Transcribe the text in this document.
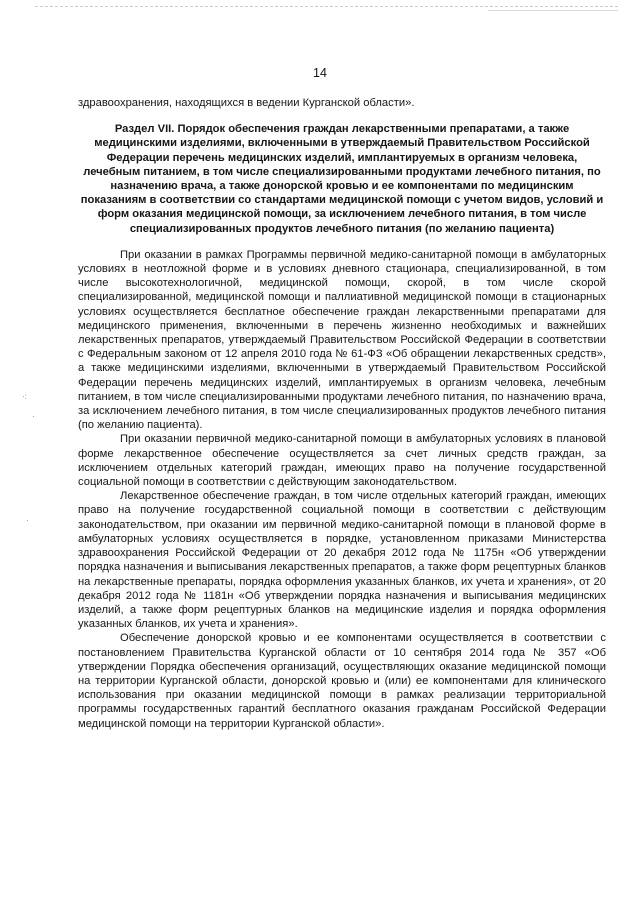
14

здравоохранения, находящихся в ведении Курганской области».

Раздел VII. Порядок обеспечения граждан лекарственными препаратами, а также медицинскими изделиями, включенными в утверждаемый Правительством Российской Федерации перечень медицинских изделий, имплантируемых в организм человека, лечебным питанием, в том числе специализированными продуктами лечебного питания, по назначению врача, а также донорской кровью и ее компонентами по медицинским показаниям в соответствии со стандартами медицинской помощи с учетом видов, условий и форм оказания медицинской помощи, за исключением лечебного питания, в том числе специализированных продуктов лечебного питания (по желанию пациента)

При оказании в рамках Программы первичной медико-санитарной помощи в амбулаторных условиях в неотложной форме и в условиях дневного стационара, специализированной, в том числе высокотехнологичной, медицинской помощи, скорой, в том числе скорой специализированной, медицинской помощи и паллиативной медицинской помощи в стационарных условиях осуществляется бесплатное обеспечение граждан лекарственными препаратами для медицинского применения, включенными в перечень жизненно необходимых и важнейших лекарственных препаратов, утверждаемый Правительством Российской Федерации в соответствии с Федеральным законом от 12 апреля 2010 года № 61-ФЗ «Об обращении лекарственных средств», а также медицинскими изделиями, включенными в утверждаемый Правительством Российской Федерации перечень медицинских изделий, имплантируемых в организм человека, лечебным питанием, в том числе специализированными продуктами лечебного питания, по назначению врача, за исключением лечебного питания, в том числе специализированных продуктов лечебного питания (по желанию пациента).

При оказании первичной медико-санитарной помощи в амбулаторных условиях в плановой форме лекарственное обеспечение осуществляется за счет личных средств граждан, за исключением отдельных категорий граждан, имеющих право на получение государственной социальной помощи в соответствии с действующим законодательством.

Лекарственное обеспечение граждан, в том числе отдельных категорий граждан, имеющих право на получение государственной социальной помощи в соответствии с действующим законодательством, при оказании им первичной медико-санитарной помощи в плановой форме в амбулаторных условиях осуществляется в порядке, установленном приказами Министерства здравоохранения Российской Федерации от 20 декабря 2012 года № 1175н «Об утверждении порядка назначения и выписывания лекарственных препаратов, а также форм рецептурных бланков на лекарственные препараты, порядка оформления указанных бланков, их учета и хранения», от 20 декабря 2012 года № 1181н «Об утверждении порядка назначения и выписывания медицинских изделий, а также форм рецептурных бланков на медицинские изделия и порядка оформления указанных бланков, их учета и хранения».

Обеспечение донорской кровью и ее компонентами осуществляется в соответствии с постановлением Правительства Курганской области от 10 сентября 2014 года № 357 «Об утверждении Порядка обеспечения организаций, осуществляющих оказание медицинской помощи на территории Курганской области, донорской кровью и (или) ее компонентами для клинического использования при оказании медицинской помощи в рамках реализации территориальной программы государственных гарантий бесплатного оказания гражданам Российской Федерации медицинской помощи на территории Курганской области».

·:
·
·
